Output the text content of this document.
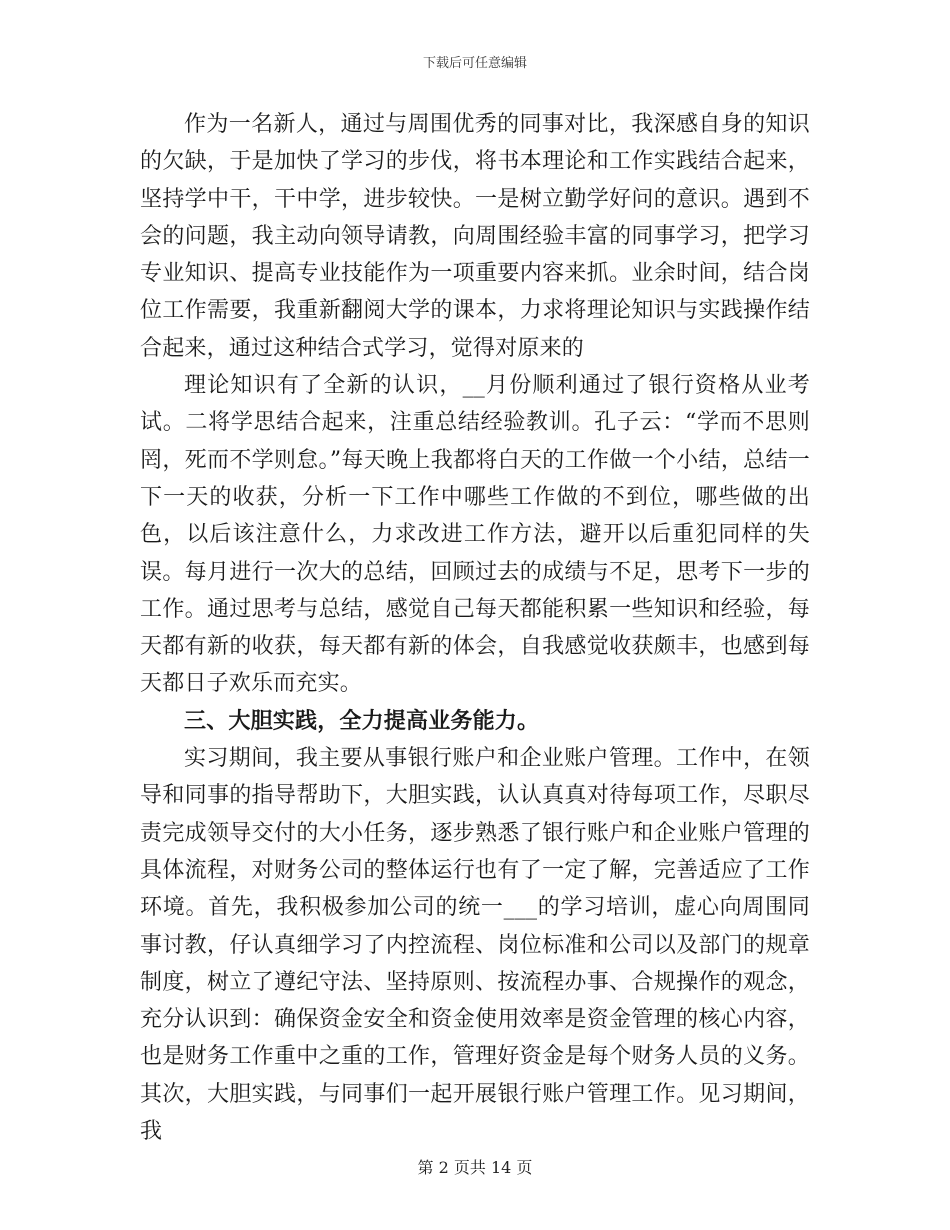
下载后可任意编辑

作为一名新人，通过与周围优秀的同事对比，我深感自身的知识的欠缺，于是加快了学习的步伐，将书本理论和工作实践结合起来，坚持学中干，干中学，进步较快。一是树立勤学好问的意识。遇到不会的问题，我主动向领导请教，向周围经验丰富的同事学习，把学习专业知识、提高专业技能作为一项重要内容来抓。业余时间，结合岗位工作需要，我重新翻阅大学的课本，力求将理论知识与实践操作结合起来，通过这种结合式学习，觉得对原来的

理论知识有了全新的认识，__月份顺利通过了银行资格从业考试。二将学思结合起来，注重总结经验教训。孔子云：“学而不思则罔，死而不学则怠。”每天晚上我都将白天的工作做一个小结，总结一下一天的收获，分析一下工作中哪些工作做的不到位，哪些做的出色，以后该注意什么，力求改进工作方法，避开以后重犯同样的失误。每月进行一次大的总结，回顾过去的成绩与不足，思考下一步的工作。通过思考与总结，感觉自己每天都能积累一些知识和经验，每天都有新的收获，每天都有新的体会，自我感觉收获颇丰，也感到每天都日子欢乐而充实。

三、大胆实践，全力提高业务能力。

实习期间，我主要从事银行账户和企业账户管理。工作中，在领导和同事的指导帮助下，大胆实践，认认真真对待每项工作，尽职尽责完成领导交付的大小任务，逐步熟悉了银行账户和企业账户管理的具体流程，对财务公司的整体运行也有了一定了解，完善适应了工作环境。首先，我积极参加公司的统一___的学习培训，虚心向周围同事讨教，仔认真细学习了内控流程、岗位标准和公司以及部门的规章制度，树立了遵纪守法、坚持原则、按流程办事、合规操作的观念，充分认识到：确保资金安全和资金使用效率是资金管理的核心内容，也是财务工作重中之重的工作，管理好资金是每个财务人员的义务。其次，大胆实践，与同事们一起开展银行账户管理工作。见习期间，我

第 2 页共 14 页
